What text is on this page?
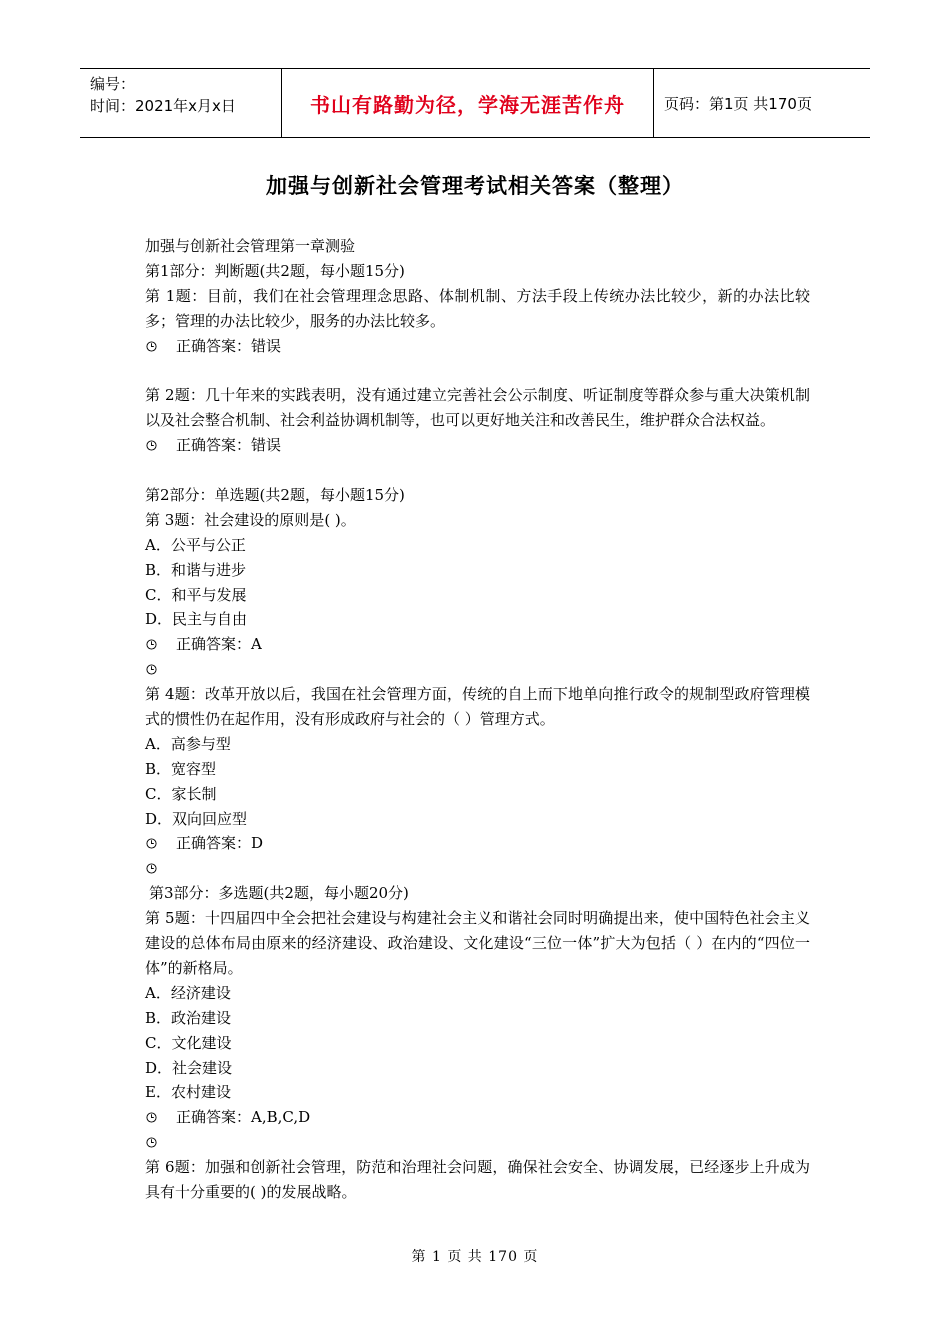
编号：
时间：2021年x月x日	书山有路勤为径，学海无涯苦作舟	页码：第1页 共170页
加强与创新社会管理考试相关答案（整理）
加强与创新社会管理第一章测验
第1部分：判断题(共2题，每小题15分)
第 1题：目前，我们在社会管理理念思路、体制机制、方法手段上传统办法比较少，新的办法比较多；管理的办法比较少，服务的办法比较多。
正确答案：错误
第 2题：几十年来的实践表明，没有通过建立完善社会公示制度、听证制度等群众参与重大决策机制以及社会整合机制、社会利益协调机制等，也可以更好地关注和改善民生，维护群众合法权益。
正确答案：错误
第2部分：单选题(共2题，每小题15分)
第 3题：社会建设的原则是( )。
A．公平与公正
B．和谐与进步
C．和平与发展
D．民主与自由
正确答案：A
第 4题：改革开放以后，我国在社会管理方面，传统的自上而下地单向推行政令的规制型政府管理模式的惯性仍在起作用，没有形成政府与社会的（ ）管理方式。
A．高参与型
B．宽容型
C．家长制
D．双向回应型
正确答案：D
第3部分：多选题(共2题，每小题20分)
第 5题：十四届四中全会把社会建设与构建社会主义和谐社会同时明确提出来，使中国特色社会主义建设的总体布局由原来的经济建设、政治建设、文化建设“三位一体”扩大为包括（ ）在内的“四位一体”的新格局。
A．经济建设
B．政治建设
C．文化建设
D．社会建设
E．农村建设
正确答案：A,B,C,D
第 6题：加强和创新社会管理，防范和治理社会问题，确保社会安全、协调发展，已经逐步上升成为具有十分重要的( )的发展战略。
第 1 页 共 170 页
